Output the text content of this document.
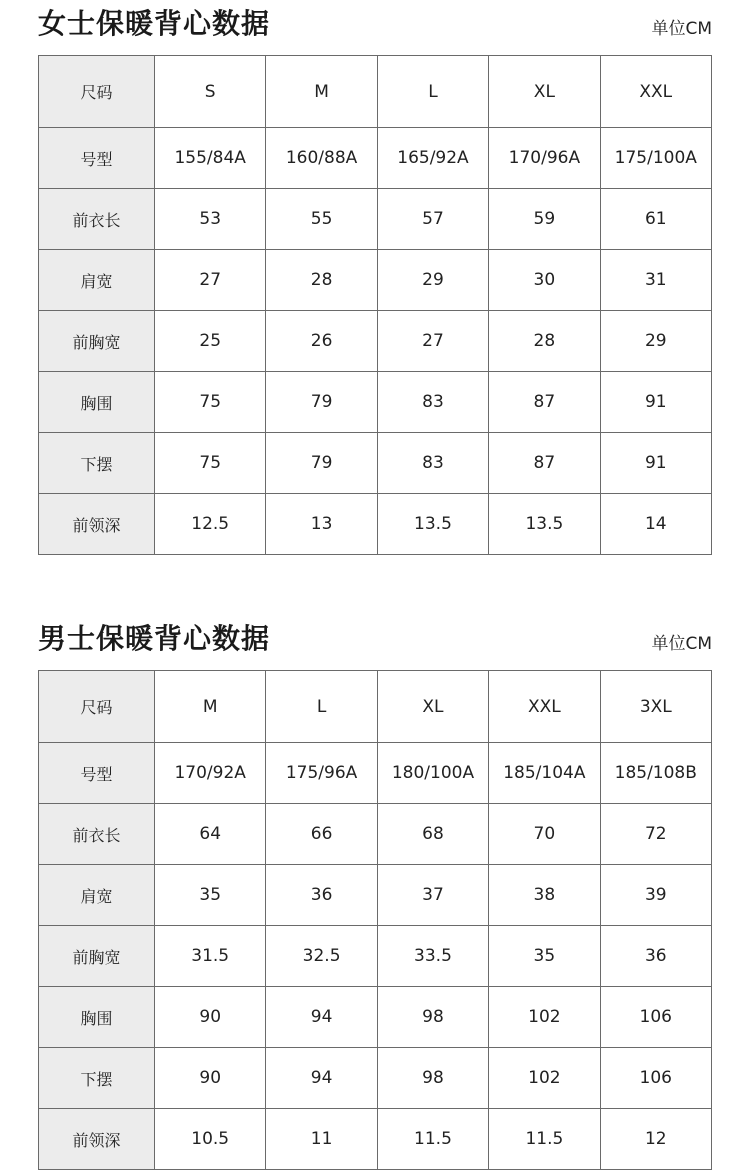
女士保暖背心数据	单位CM
尺码	S	M	L	XL	XXL
号型	155/84A	160/88A	165/92A	170/96A	175/100A
前衣长	53	55	57	59	61
肩宽	27	28	29	30	31
前胸宽	25	26	27	28	29
胸围	75	79	83	87	91
下摆	75	79	83	87	91
前领深	12.5	13	13.5	13.5	14
男士保暖背心数据	单位CM
尺码	M	L	XL	XXL	3XL
号型	170/92A	175/96A	180/100A	185/104A	185/108B
前衣长	64	66	68	70	72
肩宽	35	36	37	38	39
前胸宽	31.5	32.5	33.5	35	36
胸围	90	94	98	102	106
下摆	90	94	98	102	106
前领深	10.5	11	11.5	11.5	12
